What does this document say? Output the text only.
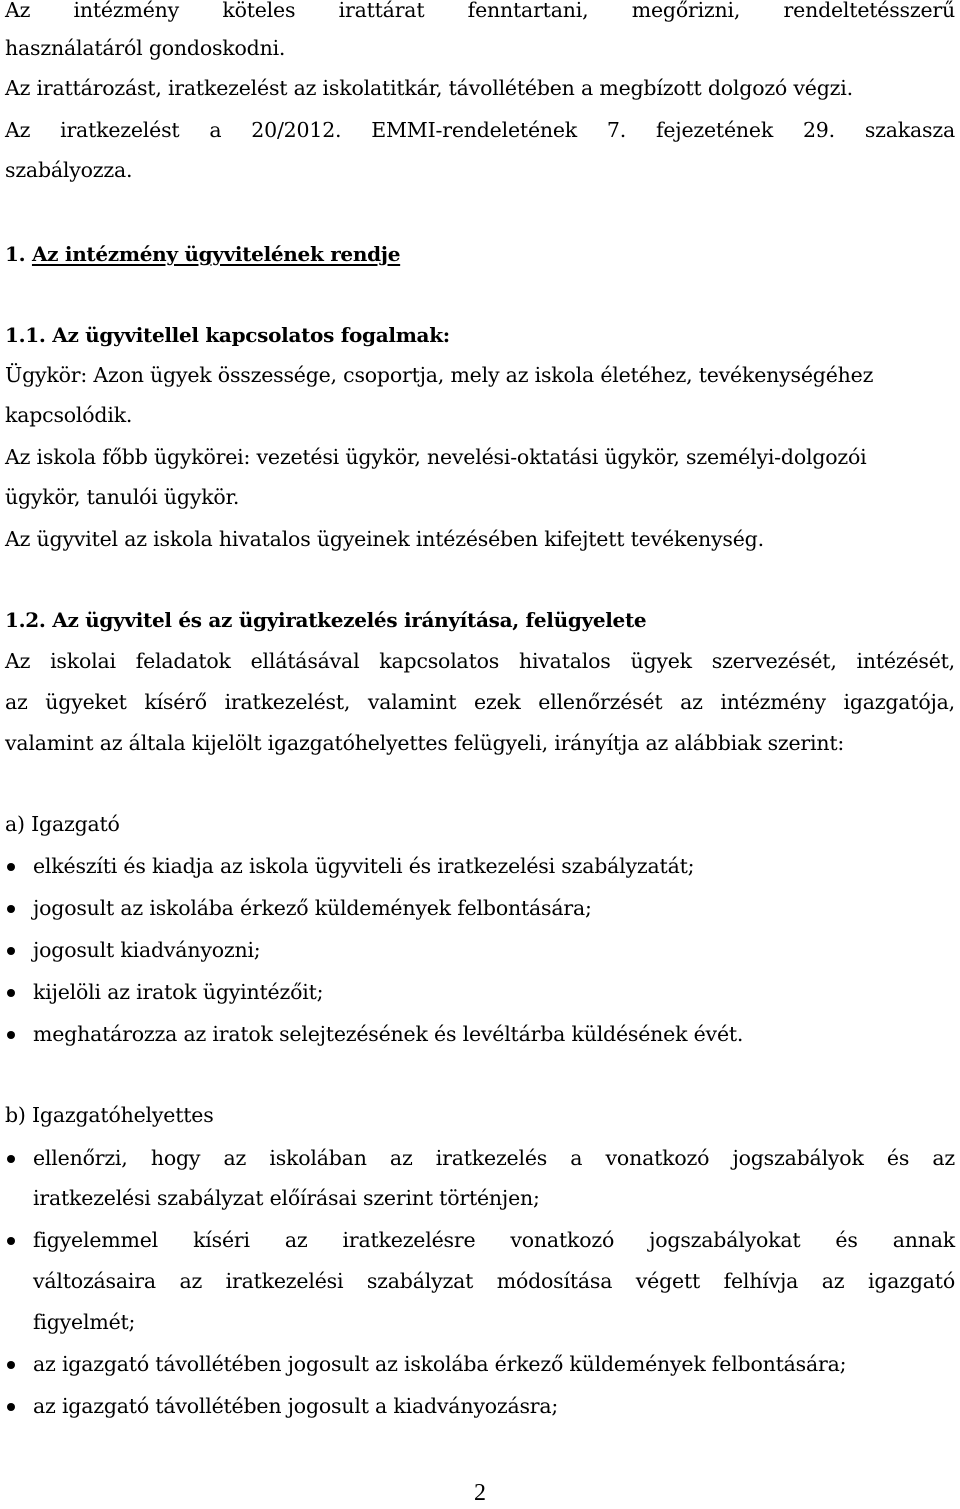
Az intézmény köteles irattárat fenntartani, megőrizni, rendeltetésszerű

használatáról gondoskodni.

Az irattározást, iratkezelést az iskolatitkár, távollétében a megbízott dolgozó végzi.

Az iratkezelést a 20/2012. EMMI-rendeletének 7. fejezetének 29. szakasza

szabályozza.

1. Az intézmény ügyvitelének rendje

1.1. Az ügyvitellel kapcsolatos fogalmak:

Ügykör: Azon ügyek összessége, csoportja, mely az iskola életéhez, tevékenységéhez

kapcsolódik.

Az iskola főbb ügykörei: vezetési ügykör, nevelési-oktatási ügykör, személyi-dolgozói

ügykör, tanulói ügykör.

Az ügyvitel az iskola hivatalos ügyeinek intézésében kifejtett tevékenység.

1.2. Az ügyvitel és az ügyiratkezelés irányítása, felügyelete

Az iskolai feladatok ellátásával kapcsolatos hivatalos ügyek szervezését, intézését,

az ügyeket kísérő iratkezelést, valamint ezek ellenőrzését az intézmény igazgatója,

valamint az általa kijelölt igazgatóhelyettes felügyeli, irányítja az alábbiak szerint:

a) Igazgató

elkészíti és kiadja az iskola ügyviteli és iratkezelési szabályzatát;

jogosult az iskolába érkező küldemények felbontására;

jogosult kiadványozni;

kijelöli az iratok ügyintézőit;

meghatározza az iratok selejtezésének és levéltárba küldésének évét.

b) Igazgatóhelyettes

ellenőrzi, hogy az iskolában az iratkezelés a vonatkozó jogszabályok és az

iratkezelési szabályzat előírásai szerint történjen;

figyelemmel kíséri az iratkezelésre vonatkozó jogszabályokat és annak

változásaira az iratkezelési szabályzat módosítása végett felhívja az igazgató

figyelmét;

az igazgató távollétében jogosult az iskolába érkező küldemények felbontására;

az igazgató távollétében jogosult a kiadványozásra;

2
